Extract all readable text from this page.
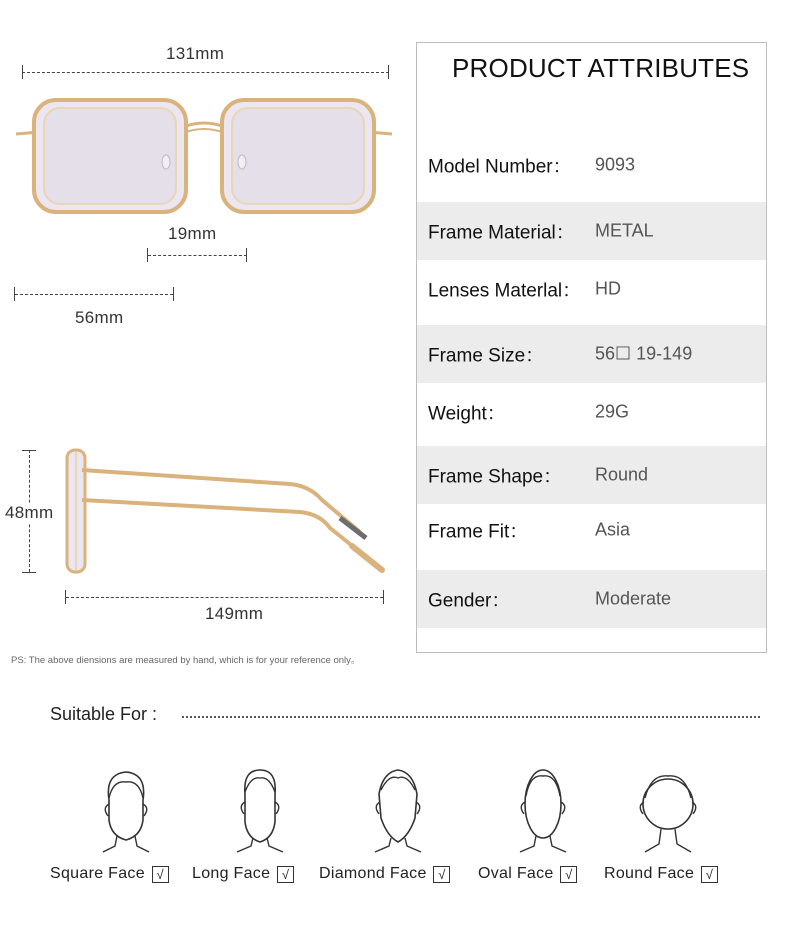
131mm
19mm
56mm
48mm
149mm
PRODUCT ATTRIBUTES
Model Number： 9093
Frame Material： METAL
Lenses Materlal： HD
Frame Size：	56☐ 19-149
Weight：	29G
Frame Shape： Round
Frame Fit：	Asia
Gender：	Moderate
PS: The above diensions are measured by hand, which is for your reference only。
Suitable For :
Square Face √ Long Face √ Diamond Face √ Oval Face √ Round Face √
